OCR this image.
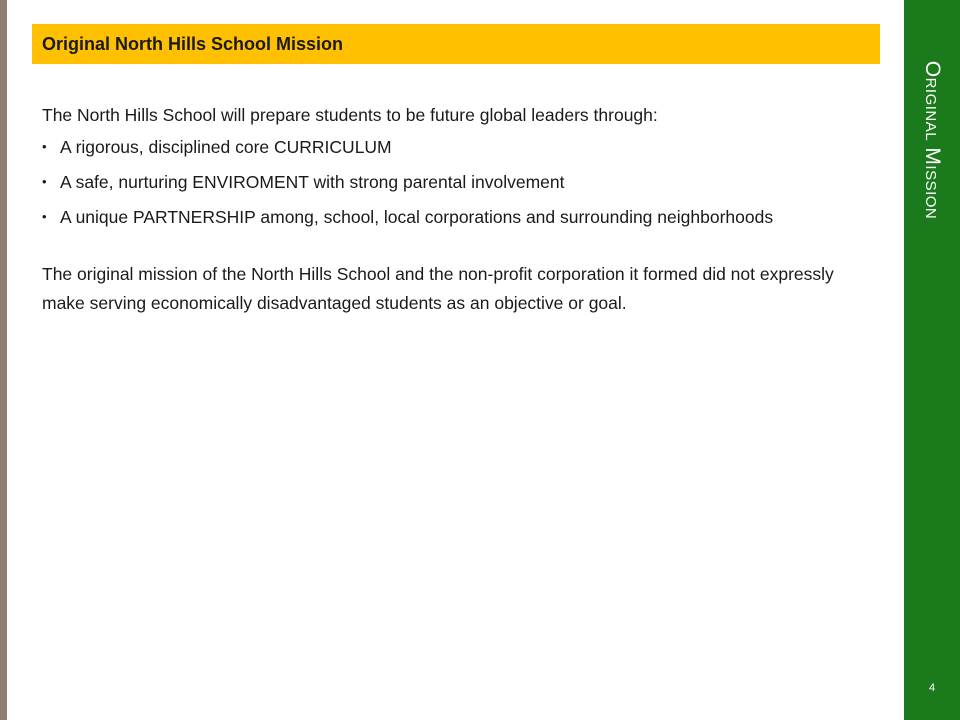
Original Mission
4
Original North Hills School Mission

The North Hills School will prepare students to be future global leaders through:

• A rigorous, disciplined core CURRICULUM
• A safe, nurturing ENVIROMENT with strong parental involvement
• A unique PARTNERSHIP among, school, local corporations and surrounding neighborhoods

The original mission of the North Hills School and the non-profit corporation it formed did not expressly make serving economically disadvantaged students as an objective or goal.
